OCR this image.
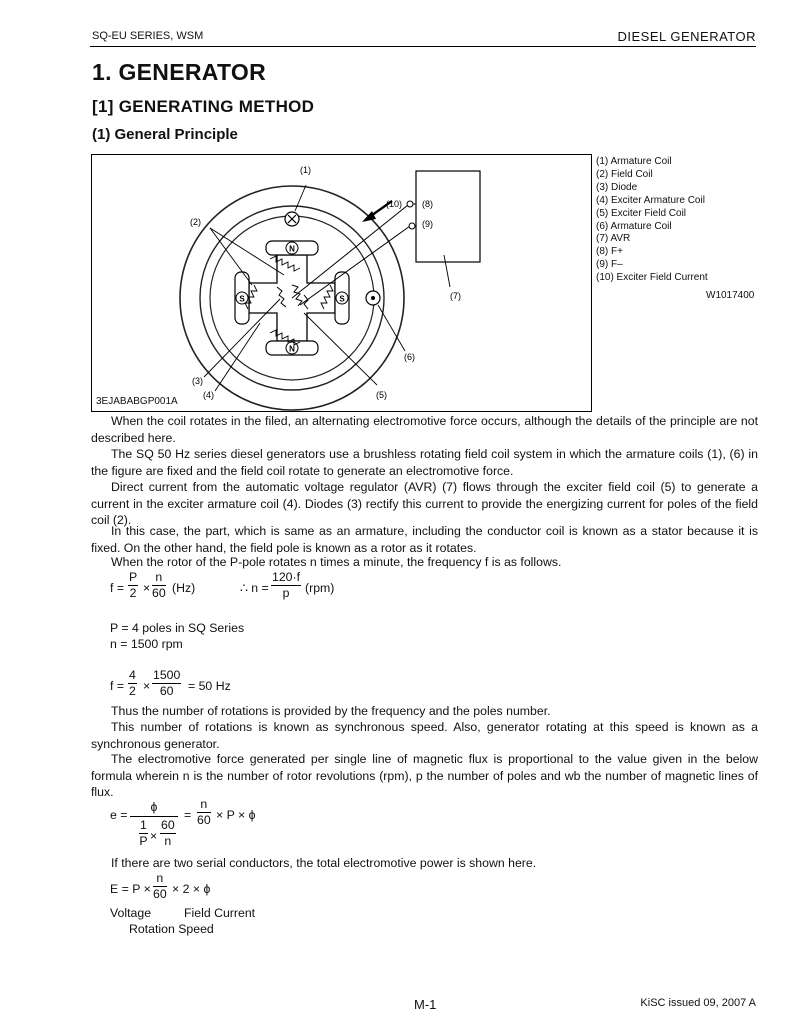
SQ-EU SERIES, WSM	DIESEL GENERATOR
1. GENERATOR
[1] GENERATING METHOD
(1) General Principle
N
N
S	S
(1)
(2)
(3)
(4)	(5)
(6)
(7)
(8)
(9)
(10)
3EJABABGP001A
(1) Armature Coil
(2) Field Coil
(3) Diode
(4) Exciter Armature Coil
(5) Exciter Field Coil
(6) Armature Coil
(7) AVR
(8) F+
(9) F–
(10) Exciter Field Current
W1017400
When the coil rotates in the filed, an alternating electromotive force occurs, although the details of the principle are not described here.
The SQ 50 Hz series diesel generators use a brushless rotating field coil system in which the armature coils (1), (6) in the figure are fixed and the field coil rotate to generate an electromotive force.
Direct current from the automatic voltage regulator (AVR) (7) flows through the exciter field coil (5) to generate a current in the exciter armature coil (4). Diodes (3) rectify this current to provide the energizing current for poles of the field coil (2).
In this case, the part, which is same as an armature, including the conductor coil is known as a stator because it is fixed. On the other hand, the field pole is known as a rotor as it rotates.
When the rotor of the P-pole rotates n times a minute, the frequency f is as follows.
$f = \frac{P}{2} \times \frac{n}{60} (Hz)$	∴ $n = \frac{120\cdot f}{p} (rpm)$
P = 4 poles in SQ Series
n = 1500 rpm
$f = \frac{4}{2} \times \frac{1500}{60} = 50$ Hz
Thus the number of rotations is provided by the frequency and the poles number.
This number of rotations is known as synchronous speed. Also, generator rotating at this speed is known as a synchronous generator.
The electromotive force generated per single line of magnetic flux is proportional to the value given in the below formula wherein n is the number of rotor revolutions (rpm), p the number of poles and wb the number of magnetic lines of flux.
e =
ϕ
$\frac{1}{P} \times \frac{60}{n}$
= $\frac{n}{60} \times P \times \phi$
If there are two serial conductors, the total electromotive power is shown here.
$E = P \times \frac{n}{60} \times 2 \times \phi$
Voltage	Field Current
Rotation Speed
M-1	KiSC issued 09, 2007 A
